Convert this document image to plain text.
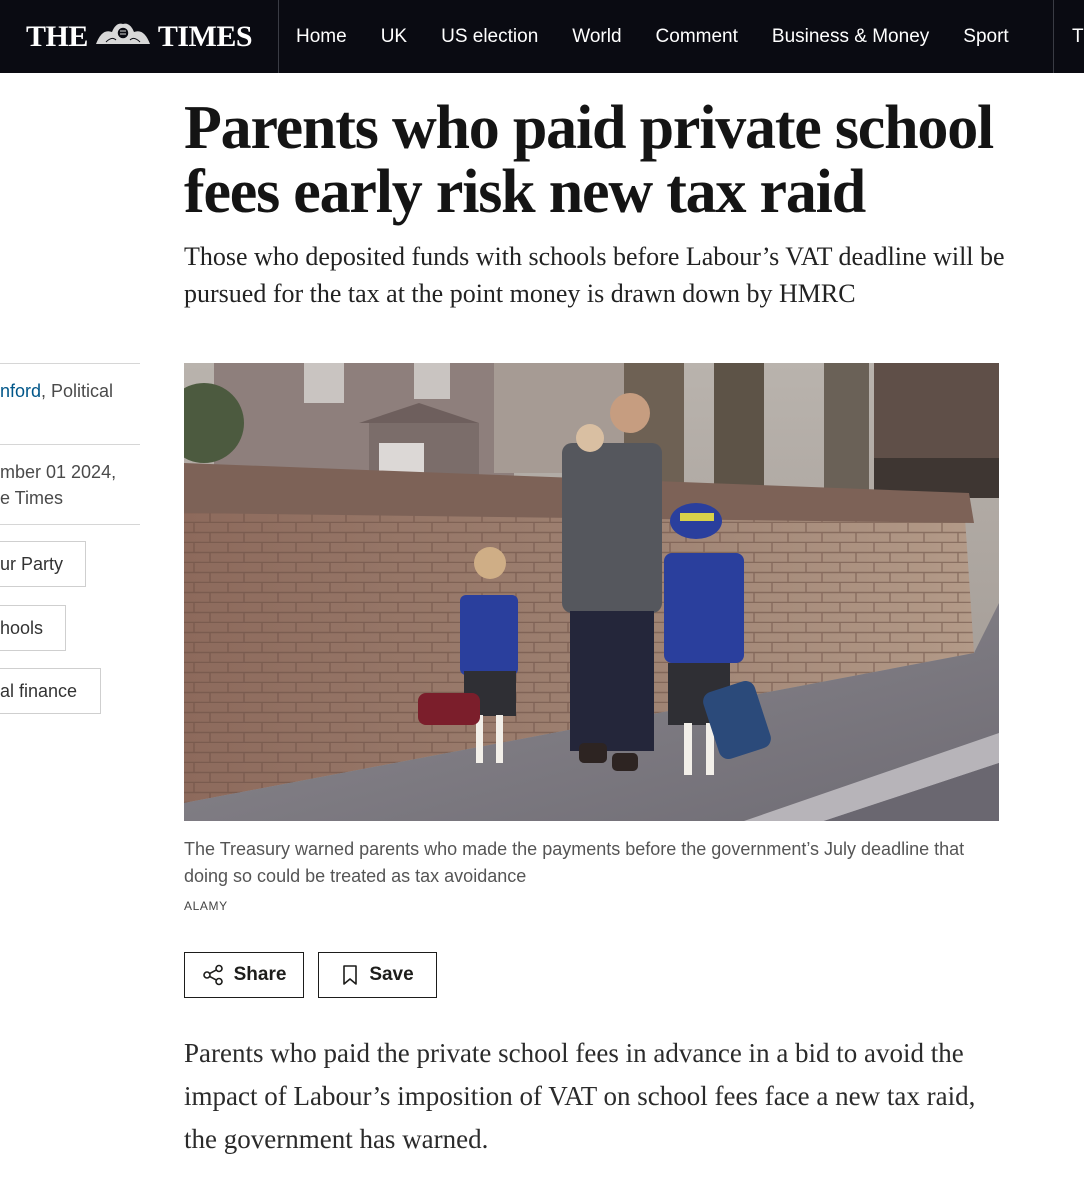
THE TIMES	Home	UK	US election	World	Comment	Business & Money	Sport	T
Parents who paid private school fees early risk new tax raid

Those who deposited funds with schools before Labour’s VAT deadline will be pursued for the tax at the point money is drawn down by HMRC

nford, Political
mber 01 2024,
e Times
ur Party
hools
al finance

The Treasury warned parents who made the payments before the government’s July deadline that doing so could be treated as tax avoidance

ALAMY
Share	Save

Parents who paid the private school fees in advance in a bid to avoid the impact of Labour’s imposition of VAT on school fees face a new tax raid, the government has warned.
